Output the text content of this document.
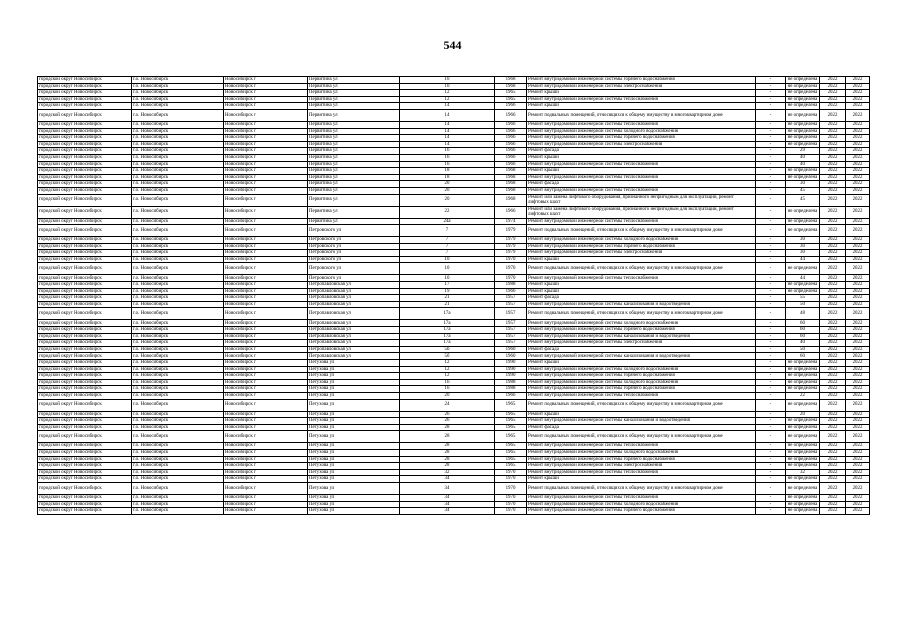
544
городской округ Новосибирск	г.о. Новосибирск	Новосибирск г	Первитина ул	10	1968	Ремонт внутридомовой инженерной системы горячего водоснабжения	-	не определена	2022	2022
городской округ Новосибирск	г.о. Новосибирск	Новосибирск г	Первитина ул	10	1968	Ремонт внутридомовой инженерной системы электроснабжения	-	не определена	2022	2022
городской округ Новосибирск	г.о. Новосибирск	Новосибирск г	Первитина ул	12	1965	Ремонт крыши	-	не определена	2022	2022
городской округ Новосибирск	г.о. Новосибирск	Новосибирск г	Первитина ул	12	1965	Ремонт внутридомовой инженерной системы теплоснабжения	-	не определена	2022	2022
городской округ Новосибирск	г.о. Новосибирск	Новосибирск г	Первитина ул	14	1966	Ремонт крыши	-	не определена	2022	2022
городской округ Новосибирск	г.о. Новосибирск	Новосибирск г	Первитина ул	14	1966	Ремонт подвальных помещений, относящихся к общему имуществу в многоквартирном доме	-	не определена	2022	2022
городской округ Новосибирск	г.о. Новосибирск	Новосибирск г	Первитина ул	14	1966	Ремонт внутридомовой инженерной системы теплоснабжения	-	не определена	2022	2022
городской округ Новосибирск	г.о. Новосибирск	Новосибирск г	Первитина ул	14	1966	Ремонт внутридомовой инженерной системы холодного водоснабжения	-	не определена	2022	2022
городской округ Новосибирск	г.о. Новосибирск	Новосибирск г	Первитина ул	14	1966	Ремонт внутридомовой инженерной системы горячего водоснабжения	-	не определена	2022	2022
городской округ Новосибирск	г.о. Новосибирск	Новосибирск г	Первитина ул	14	1966	Ремонт внутридомовой инженерной системы электроснабжения	-	не определена	2022	2022
городской округ Новосибирск	г.о. Новосибирск	Новосибирск г	Первитина ул	16	1966	Ремонт фасада	-	29	2022	2022
городской округ Новосибирск	г.о. Новосибирск	Новосибирск г	Первитина ул	16	1966	Ремонт крыши	-	40	2022	2022
городской округ Новосибирск	г.о. Новосибирск	Новосибирск г	Первитина ул	16	1966	Ремонт внутридомовой инженерной системы теплоснабжения	-	40	2022	2022
городской округ Новосибирск	г.о. Новосибирск	Новосибирск г	Первитина ул	18	1968	Ремонт крыши	-	не определена	2022	2022
городской округ Новосибирск	г.о. Новосибирск	Новосибирск г	Первитина ул	18	1968	Ремонт внутридомовой инженерной системы теплоснабжения	-	не определена	2022	2022
городской округ Новосибирск	г.о. Новосибирск	Новосибирск г	Первитина ул	20	1968	Ремонт фасада	-	30	2022	2022
городской округ Новосибирск	г.о. Новосибирск	Новосибирск г	Первитина ул	20	1968	Ремонт внутридомовой инженерной системы теплоснабжения	-	45	2022	2022
городской округ Новосибирск	г.о. Новосибирск	Новосибирск г	Первитина ул	20	1968	Ремонт или замена лифтового оборудования, признанного непригодным для эксплуатации, ремонт лифтовых шахт	-	45	2022	2022
городской округ Новосибирск	г.о. Новосибирск	Новосибирск г	Первитина ул	22	1966	Ремонт или замена лифтового оборудования, признанного непригодным для эксплуатации, ремонт лифтовых шахт	-	не определена	2022	2022
городской округ Новосибирск	г.о. Новосибирск	Новосибирск г	Первитина ул	24а	1974	Ремонт внутридомовой инженерной системы теплоснабжения	-	не определена	2022	2022
городской округ Новосибирск	г.о. Новосибирск	Новосибирск г	Петровского ул	7	1979	Ремонт подвальных помещений, относящихся к общему имуществу в многоквартирном доме	-	не определена	2022	2022
городской округ Новосибирск	г.о. Новосибирск	Новосибирск г	Петровского ул	7	1979	Ремонт внутридомовой инженерной системы холодного водоснабжения	-	30	2022	2022
городской округ Новосибирск	г.о. Новосибирск	Новосибирск г	Петровского ул	7	1979	Ремонт внутридомовой инженерной системы горячего водоснабжения	-	30	2022	2022
городской округ Новосибирск	г.о. Новосибирск	Новосибирск г	Петровского ул	7	1979	Ремонт внутридомовой инженерной системы электроснабжения	-	30	2022	2022
городской округ Новосибирск	г.о. Новосибирск	Новосибирск г	Петровского ул	10	1970	Ремонт крыши	-	44	2022	2022
городской округ Новосибирск	г.о. Новосибирск	Новосибирск г	Петровского ул	10	1970	Ремонт подвальных помещений, относящихся к общему имуществу в многоквартирном доме	-	не определена	2022	2022
городской округ Новосибирск	г.о. Новосибирск	Новосибирск г	Петровского ул	10	1970	Ремонт внутридомовой инженерной системы теплоснабжения	-	44	2022	2022
городской округ Новосибирск	г.о. Новосибирск	Новосибирск г	Петропавловская ул	17	1988	Ремонт крыши	-	не определена	2022	2022
городской округ Новосибирск	г.о. Новосибирск	Новосибирск г	Петропавловская ул	19	1966	Ремонт крыши	-	не определена	2022	2022
городской округ Новосибирск	г.о. Новосибирск	Новосибирск г	Петропавловская ул	21	1957	Ремонт фасада	-	55	2022	2022
городской округ Новосибирск	г.о. Новосибирск	Новосибирск г	Петропавловская ул	21	1957	Ремонт внутридомовой инженерной системы канализования и водоотведения	-	50	2022	2022
городской округ Новосибирск	г.о. Новосибирск	Новосибирск г	Петропавловская ул	17а	1957	Ремонт подвальных помещений, относящихся к общему имуществу в многоквартирном доме	-	48	2022	2022
городской округ Новосибирск	г.о. Новосибирск	Новосибирск г	Петропавловская ул	17а	1957	Ремонт внутридомовой инженерной системы холодного водоснабжения	-	60	2022	2022
городской округ Новосибирск	г.о. Новосибирск	Новосибирск г	Петропавловская ул	17а	1957	Ремонт внутридомовой инженерной системы горячего водоснабжения	-	60	2022	2022
городской округ Новосибирск	г.о. Новосибирск	Новосибирск г	Петропавловская ул	17а	1957	Ремонт внутридомовой инженерной системы канализования и водоотведения	-	60	2022	2022
городской округ Новосибирск	г.о. Новосибирск	Новосибирск г	Петропавловская ул	17а	1957	Ремонт внутридомовой инженерной системы электроснабжения	-	40	2022	2022
городской округ Новосибирск	г.о. Новосибирск	Новосибирск г	Петропавловская ул	5б	1960	Ремонт фасада	-	50	2022	2022
городской округ Новосибирск	г.о. Новосибирск	Новосибирск г	Петропавловская ул	5б	1960	Ремонт внутридомовой инженерной системы канализования и водоотведения	-	60	2022	2022
городской округ Новосибирск	г.о. Новосибирск	Новосибирск г	Петухова ул	12	1990	Ремонт крыши	-	не определена	2022	2022
городской округ Новосибирск	г.о. Новосибирск	Новосибирск г	Петухова ул	12	1990	Ремонт внутридомовой инженерной системы холодного водоснабжения	-	не определена	2022	2022
городской округ Новосибирск	г.о. Новосибирск	Новосибирск г	Петухова ул	12	1990	Ремонт внутридомовой инженерной системы горячего водоснабжения	-	не определена	2022	2022
городской округ Новосибирск	г.о. Новосибирск	Новосибирск г	Петухова ул	16	1988	Ремонт внутридомовой инженерной системы холодного водоснабжения	-	не определена	2022	2022
городской округ Новосибирск	г.о. Новосибирск	Новосибирск г	Петухова ул	16	1988	Ремонт внутридомовой инженерной системы горячего водоснабжения	-	не определена	2022	2022
городской округ Новосибирск	г.о. Новосибирск	Новосибирск г	Петухова ул	20	1966	Ремонт внутридомовой инженерной системы теплоснабжения	-	22	2022	2022
городской округ Новосибирск	г.о. Новосибирск	Новосибирск г	Петухова ул	24	1965	Ремонт подвальных помещений, относящихся к общему имуществу в многоквартирном доме	-	не определена	2022	2022
городской округ Новосибирск	г.о. Новосибирск	Новосибирск г	Петухова ул	26	1965	Ремонт крыши	-	20	2022	2022
городской округ Новосибирск	г.о. Новосибирск	Новосибирск г	Петухова ул	26	1965	Ремонт внутридомовой инженерной системы канализования и водоотведения	-	не определена	2022	2022
городской округ Новосибирск	г.о. Новосибирск	Новосибирск г	Петухова ул	28	1965	Ремонт фасада	-	не определена	2022	2022
городской округ Новосибирск	г.о. Новосибирск	Новосибирск г	Петухова ул	28	1965	Ремонт подвальных помещений, относящихся к общему имуществу в многоквартирном доме	-	не определена	2022	2022
городской округ Новосибирск	г.о. Новосибирск	Новосибирск г	Петухова ул	28	1965	Ремонт внутридомовой инженерной системы теплоснабжения	-	не определена	2022	2022
городской округ Новосибирск	г.о. Новосибирск	Новосибирск г	Петухова ул	28	1965	Ремонт внутридомовой инженерной системы холодного водоснабжения	-	не определена	2022	2022
городской округ Новосибирск	г.о. Новосибирск	Новосибирск г	Петухова ул	28	1965	Ремонт внутридомовой инженерной системы горячего водоснабжения	-	не определена	2022	2022
городской округ Новосибирск	г.о. Новосибирск	Новосибирск г	Петухова ул	28	1965	Ремонт внутридомовой инженерной системы электроснабжения	-	не определена	2022	2022
городской округ Новосибирск	г.о. Новосибирск	Новосибирск г	Петухова ул	32	1970	Ремонт внутридомовой инженерной системы теплоснабжения	-	32	2022	2022
городской округ Новосибирск	г.о. Новосибирск	Новосибирск г	Петухова ул	34	1970	Ремонт крыши	-	не определена	2022	2022
городской округ Новосибирск	г.о. Новосибирск	Новосибирск г	Петухова ул	34	1970	Ремонт подвальных помещений, относящихся к общему имуществу в многоквартирном доме	-	не определена	2022	2022
городской округ Новосибирск	г.о. Новосибирск	Новосибирск г	Петухова ул	34	1970	Ремонт внутридомовой инженерной системы теплоснабжения	-	не определена	2022	2022
городской округ Новосибирск	г.о. Новосибирск	Новосибирск г	Петухова ул	34	1970	Ремонт внутридомовой инженерной системы холодного водоснабжения	-	не определена	2022	2022
городской округ Новосибирск	г.о. Новосибирск	Новосибирск г	Петухова ул	34	1970	Ремонт внутридомовой инженерной системы горячего водоснабжения	-	не определена	2022	2022
